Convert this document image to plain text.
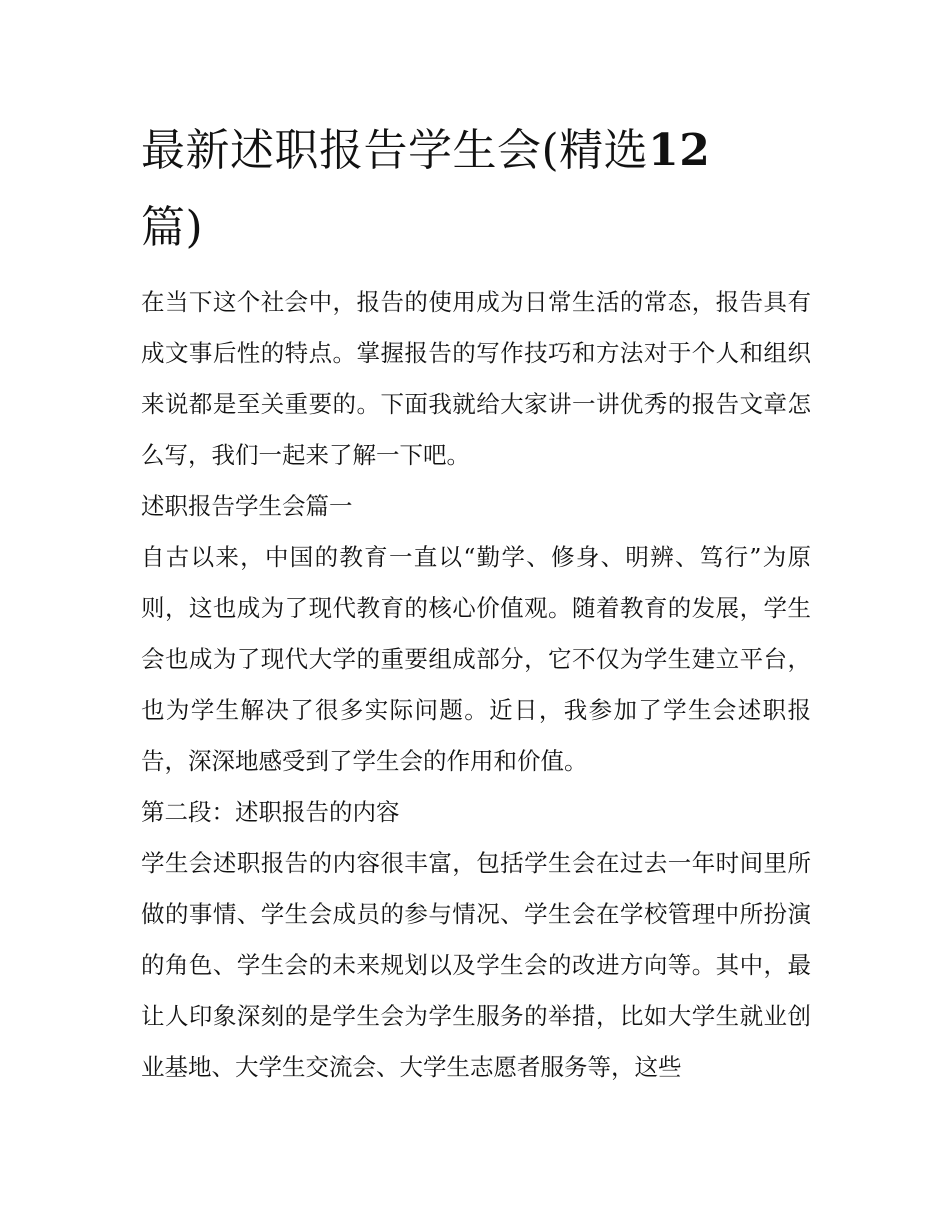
最新述职报告学生会(精选12
篇)

在当下这个社会中，报告的使用成为日常生活的常态，报告具有成文事后性的特点。掌握报告的写作技巧和方法对于个人和组织来说都是至关重要的。下面我就给大家讲一讲优秀的报告文章怎么写，我们一起来了解一下吧。

述职报告学生会篇一

自古以来，中国的教育一直以“勤学、修身、明辨、笃行”为原则，这也成为了现代教育的核心价值观。随着教育的发展，学生会也成为了现代大学的重要组成部分，它不仅为学生建立平台，也为学生解决了很多实际问题。近日，我参加了学生会述职报告，深深地感受到了学生会的作用和价值。

第二段：述职报告的内容

学生会述职报告的内容很丰富，包括学生会在过去一年时间里所做的事情、学生会成员的参与情况、学生会在学校管理中所扮演的角色、学生会的未来规划以及学生会的改进方向等。其中，最让人印象深刻的是学生会为学生服务的举措，比如大学生就业创业基地、大学生交流会、大学生志愿者服务等，这些
